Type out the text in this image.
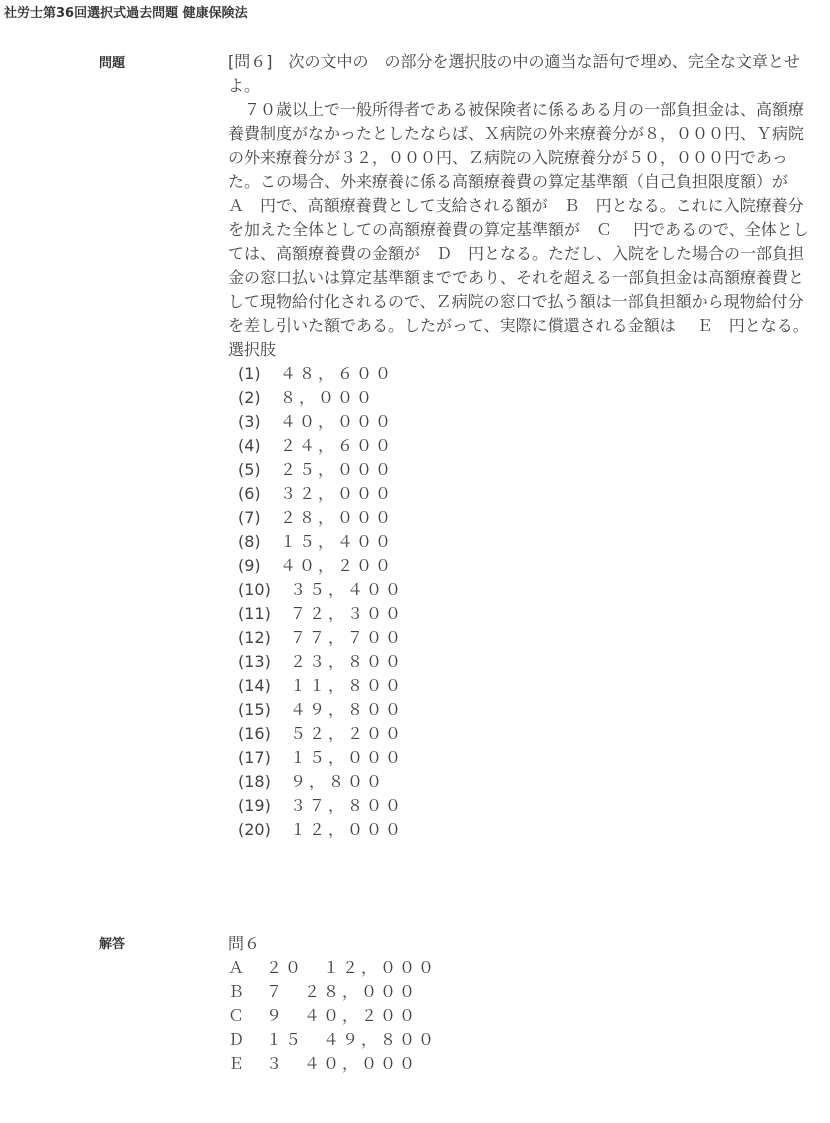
社労士第36回選択式過去問題 健康保険法
問題	[問６]　次の文中の　の部分を選択肢の中の適当な語句で埋め、完全な文章とせよ。

７０歳以上で一般所得者である被保険者に係るある月の一部負担金は、高額療養費制度がなかったとしたならば、Ｘ病院の外来療養分が８，０００円、Ｙ病院の外来療養分が３２，０００円、Ｚ病院の入院療養分が５０，０００円であった。この場合、外来療養に係る高額療養費の算定基準額（自己負担限度額）が　 Ａ　円で、高額療養費として支給される額が　Ｂ　円となる。これに入院療養分を加えた全体としての高額療養費の算定基準額が　Ｃ　 円であるので、全体としては、高額療養費の金額が　Ｄ　円となる。ただし、入院をした場合の一部負担金の窓口払いは算定基準額までであり、それを超える一部負担金は高額療養費として現物給付化されるので、Ｚ病院の窓口で払う額は一部負担額から現物給付分を差し引いた額である。したがって、実際に償還される金額は　 Ｅ　円となる。

選択肢

(1)	４８，６００
(2)	８，０００
(3)	４０，０００
(4)	２４，６００
(5)	２５，０００
(6)	３２，０００
(7)	２８，０００
(8)	１５，４００
(9)	４０，２００
(10)	３５，４００
(11)	７２，３００
(12)	７７，７００
(13)	２３，８００
(14)	１１，８００
(15)	４９，８００
(16)	５２，２００
(17)	１５，０００
(18)	９，８００
(19)	３７，８００
(20)	１２，０００
解答	問６

Ａ　２０　１２，０００
Ｂ　７　２８，０００
Ｃ　９　４０，２００
Ｄ　１５　４９，８００
Ｅ　３　４０，０００
